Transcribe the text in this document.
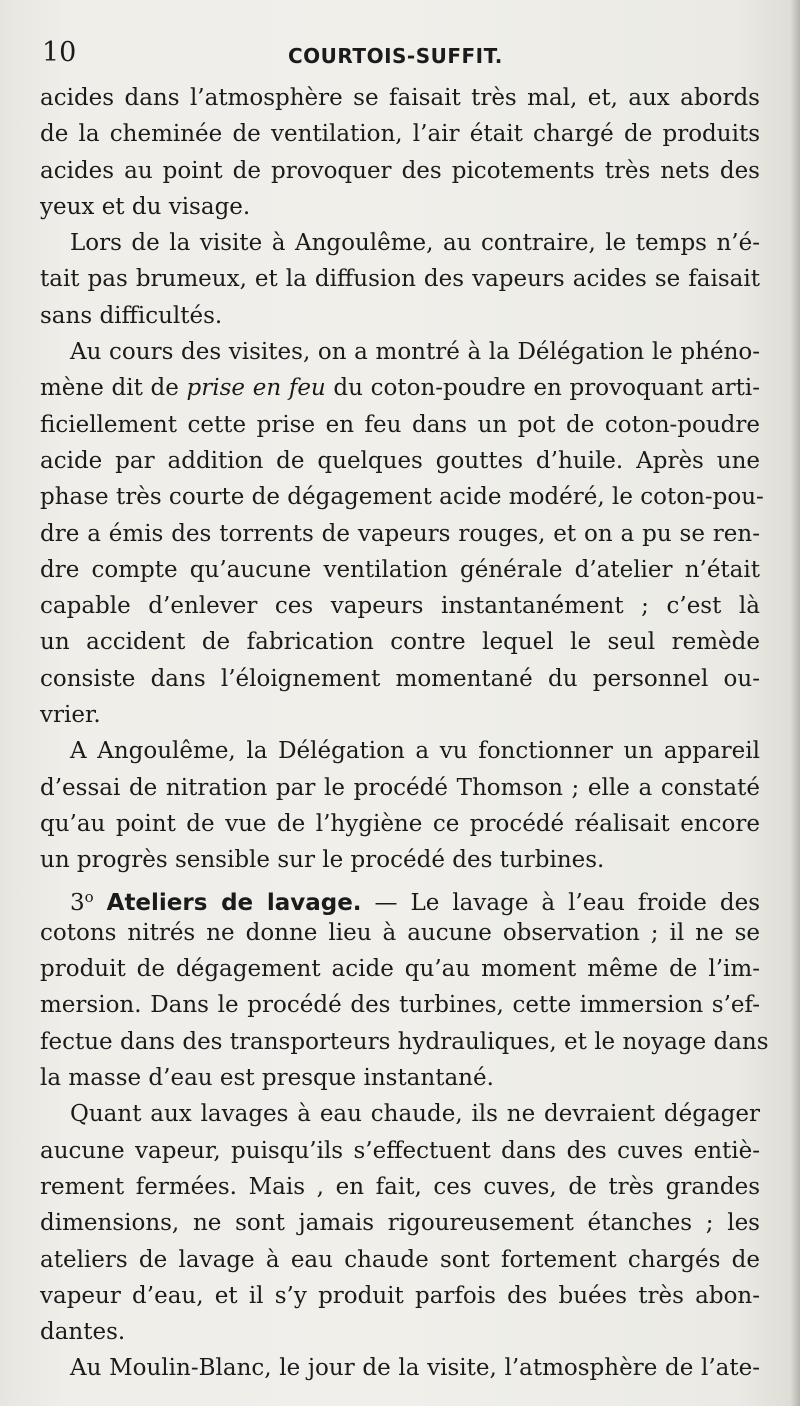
10	COURTOIS-SUFFIT.
acides dans l’atmosphère se faisait très mal, et, aux abords
de la cheminée de ventilation, l’air était chargé de produits
acides au point de provoquer des picotements très nets des
yeux et du visage.
Lors de la visite à Angoulême, au contraire, le temps n’é-
tait pas brumeux, et la diffusion des vapeurs acides se faisait
sans difficultés.
Au cours des visites, on a montré à la Délégation le phéno-
mène dit de prise en feu du coton-poudre en provoquant arti-
ficiellement cette prise en feu dans un pot de coton-poudre
acide par addition de quelques gouttes d’huile. Après une
phase très courte de dégagement acide modéré, le coton-pou-
dre a émis des torrents de vapeurs rouges, et on a pu se ren-
dre compte qu’aucune ventilation générale d’atelier n’était
capable d’enlever ces vapeurs instantanément ; c’est là
un accident de fabrication contre lequel le seul remède
consiste dans l’éloignement momentané du personnel ou-
vrier.
A Angoulême, la Délégation a vu fonctionner un appareil
d’essai de nitration par le procédé Thomson ; elle a constaté
qu’au point de vue de l’hygiène ce procédé réalisait encore
un progrès sensible sur le procédé des turbines.
3$^o$ Ateliers de lavage. — Le lavage à l’eau froide des
cotons nitrés ne donne lieu à aucune observation ; il ne se
produit de dégagement acide qu’au moment même de l’im-
mersion. Dans le procédé des turbines, cette immersion s’ef-
fectue dans des transporteurs hydrauliques, et le noyage dans
la masse d’eau est presque instantané.
Quant aux lavages à eau chaude, ils ne devraient dégager
aucune vapeur, puisqu’ils s’effectuent dans des cuves entiè-
rement fermées. Mais , en fait, ces cuves, de très grandes
dimensions, ne sont jamais rigoureusement étanches ; les
ateliers de lavage à eau chaude sont fortement chargés de
vapeur d’eau, et il s’y produit parfois des buées très abon-
dantes.
Au Moulin-Blanc, le jour de la visite, l’atmosphère de l’ate-
